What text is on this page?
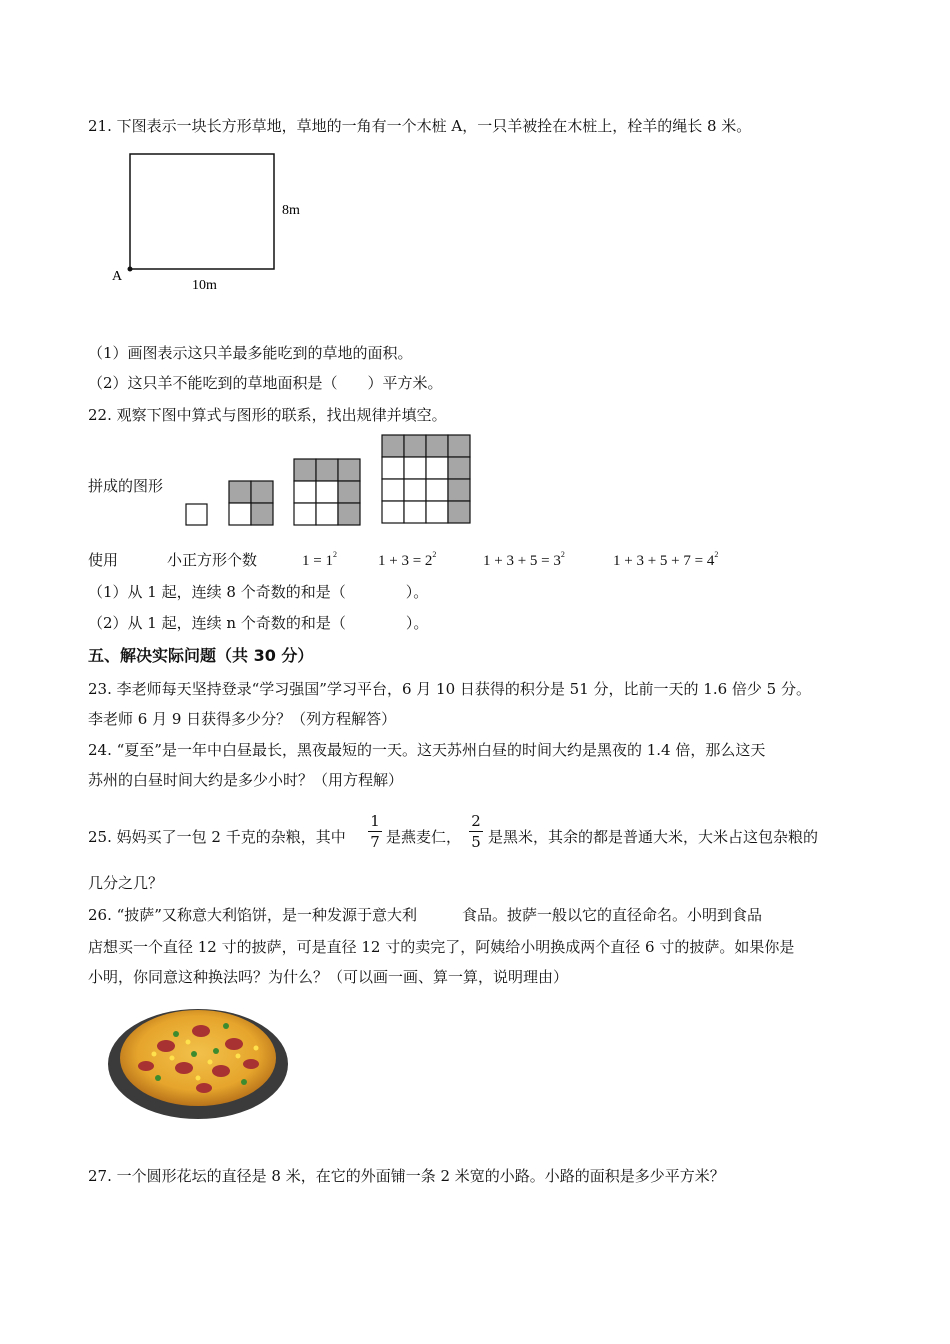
21. 下图表示一块长方形草地，草地的一角有一个木桩 A，一只羊被拴在木桩上，栓羊的绳长 8 米。
A
10m
8m
（1）画图表示这只羊最多能吃到的草地的面积。
（2）这只羊不能吃到的草地面积是（　　）平方米。
22. 观察下图中算式与图形的联系，找出规律并填空。
拼成的图形
使用	小正方形个数	$1 = 1^2$	$1 + 3 = 2^2$	$1 + 3 + 5 = 3^2$	$1 + 3 + 5 + 7 = 4^2$
（1）从 1 起，连续 8 个奇数的和是（　　　　）。
（2）从 1 起，连续 n 个奇数的和是（　　　　）。
五、解决实际问题（共 30 分）
23. 李老师每天坚持登录“学习强国”学习平台，6 月 10 日获得的积分是 51 分，比前一天的 1.6 倍少 5 分。
李老师 6 月 9 日获得多少分？（列方程解答）
24. “夏至”是一年中白昼最长，黑夜最短的一天。这天苏州白昼的时间大约是黑夜的 1.4 倍，那么这天
苏州的白昼时间大约是多少小时？（用方程解）
25. 妈妈买了一包 2 千克的杂粮，其中
1
7 是燕麦仁，
2
5 是黑米，其余的都是普通大米，大米占这包杂粮的
几分之几？
26. “披萨”又称意大利馅饼，是一种发源于意大利　　　食品。披萨一般以它的直径命名。小明到食品
店想买一个直径 12 寸的披萨，可是直径 12 寸的卖完了，阿姨给小明换成两个直径 6 寸的披萨。如果你是
小明，你同意这种换法吗？为什么？（可以画一画、算一算，说明理由）
27. 一个圆形花坛的直径是 8 米，在它的外面铺一条 2 米宽的小路。小路的面积是多少平方米？
